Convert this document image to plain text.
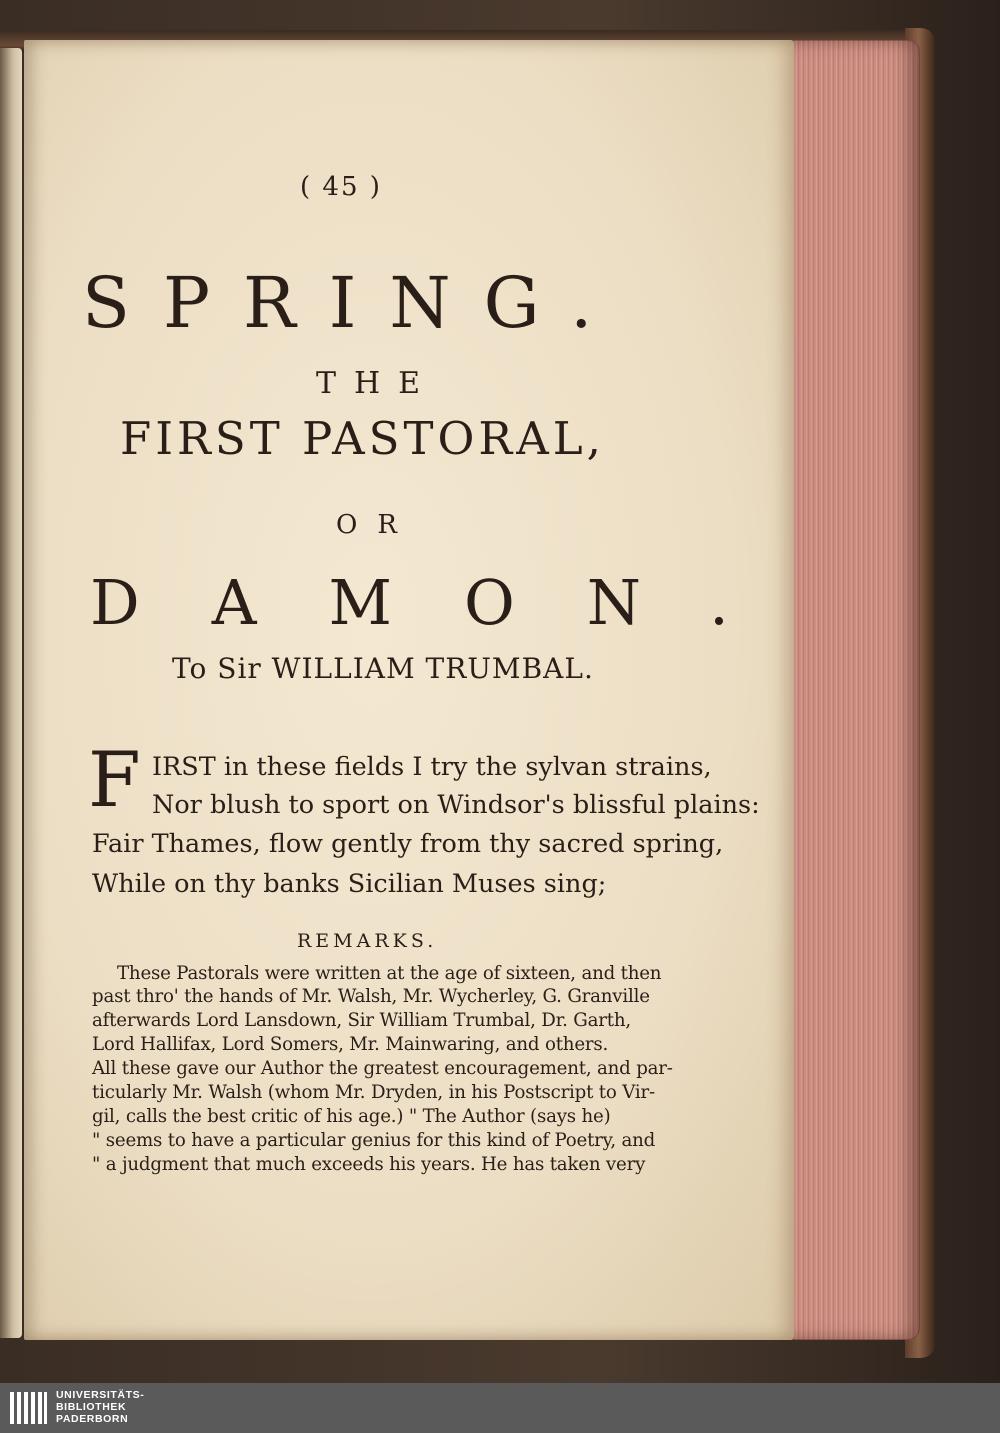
( 45 )
SPRING.
THE
FIRST PASTORAL,
OR
DAMON.
To Sir WILLIAM TRUMBAL.
F IRST in these fields I try the sylvan strains,
Nor blush to sport on Windsor's blissful plains:
Fair Thames, flow gently from thy sacred spring,
While on thy banks Sicilian Muses sing;
REMARKS.
These Pastorals were written at the age of sixteen, and then
past thro' the hands of Mr. Walsh, Mr. Wycherley, G. Granville
afterwards Lord Lansdown, Sir William Trumbal, Dr. Garth,
Lord Hallifax, Lord Somers, Mr. Mainwaring, and others.
All these gave our Author the greatest encouragement, and par-
ticularly Mr. Walsh (whom Mr. Dryden, in his Postscript to Vir-
gil, calls the best critic of his age.) " The Author (says he)
" seems to have a particular genius for this kind of Poetry, and
" a judgment that much exceeds his years. He has taken very
UNIVERSITÄTS-
BIBLIOTHEK
PADERBORN
